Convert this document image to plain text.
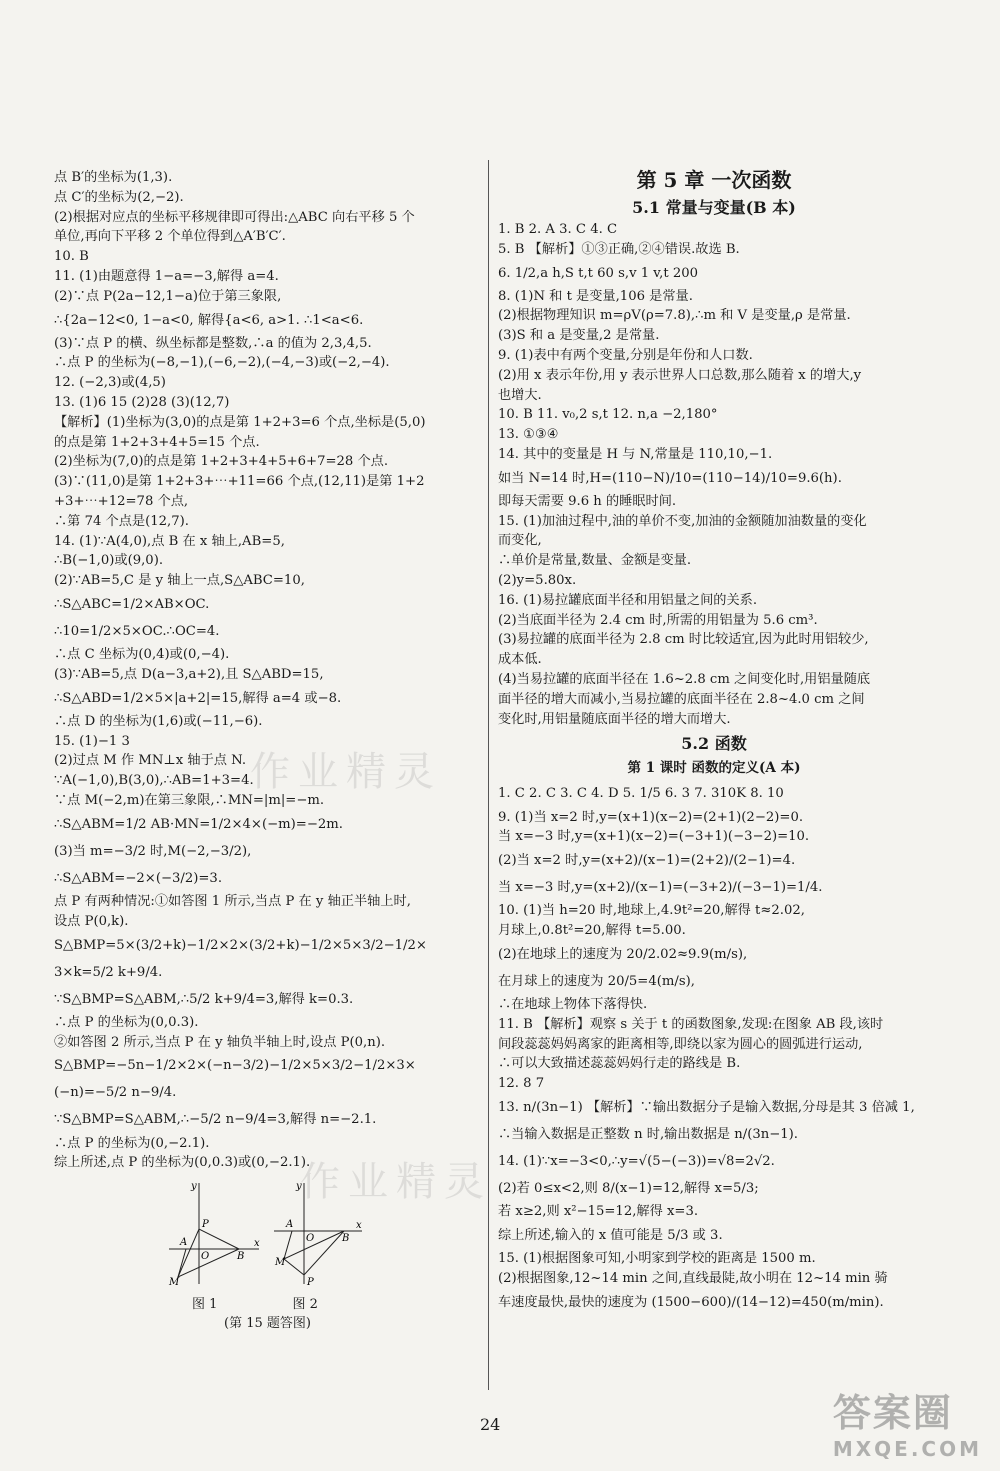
点 B′的坐标为(1,3).
点 C′的坐标为(2,−2).
(2)根据对应点的坐标平移规律即可得出:△ABC 向右平移 5 个
单位,再向下平移 2 个单位得到△A′B′C′.
10. B
11. (1)由题意得 1−a=−3,解得 a=4.
(2)∵点 P(2a−12,1−a)位于第三象限,
∴{2a−12<0, 1−a<0, 解得{a<6, a>1. ∴1<a<6.
(3)∵点 P 的横、纵坐标都是整数,∴a 的值为 2,3,4,5.
∴点 P 的坐标为(−8,−1),(−6,−2),(−4,−3)或(−2,−4).
12. (−2,3)或(4,5)
13. (1)6 15 (2)28 (3)(12,7)
【解析】(1)坐标为(3,0)的点是第 1+2+3=6 个点,坐标是(5,0)
的点是第 1+2+3+4+5=15 个点.
(2)坐标为(7,0)的点是第 1+2+3+4+5+6+7=28 个点.
(3)∵(11,0)是第 1+2+3+⋯+11=66 个点,(12,11)是第 1+2
+3+⋯+12=78 个点,
∴第 74 个点是(12,7).
14. (1)∵A(4,0),点 B 在 x 轴上,AB=5,
∴B(−1,0)或(9,0).
(2)∵AB=5,C 是 y 轴上一点,S△ABC=10,
∴S△ABC=1/2×AB×OC.
∴10=1/2×5×OC.∴OC=4.
∴点 C 坐标为(0,4)或(0,−4).
(3)∵AB=5,点 D(a−3,a+2),且 S△ABD=15,
∴S△ABD=1/2×5×|a+2|=15,解得 a=4 或−8.
∴点 D 的坐标为(1,6)或(−11,−6).
15. (1)−1 3
(2)过点 M 作 MN⊥x 轴于点 N.
∵A(−1,0),B(3,0),∴AB=1+3=4.
∵点 M(−2,m)在第三象限,∴MN=|m|=−m.
∴S△ABM=1/2 AB·MN=1/2×4×(−m)=−2m.
(3)当 m=−3/2 时,M(−2,−3/2),
∴S△ABM=−2×(−3/2)=3.
点 P 有两种情况:①如答图 1 所示,当点 P 在 y 轴正半轴上时,
设点 P(0,k).
S△BMP=5×(3/2+k)−1/2×2×(3/2+k)−1/2×5×3/2−1/2×
3×k=5/2 k+9/4.
∵S△BMP=S△ABM,∴5/2 k+9/4=3,解得 k=0.3.
∴点 P 的坐标为(0,0.3).
②如答图 2 所示,当点 P 在 y 轴负半轴上时,设点 P(0,n).
S△BMP=−5n−1/2×2×(−n−3/2)−1/2×5×3/2−1/2×3×
(−n)=−5/2 n−9/4.
∵S△BMP=S△ABM,∴−5/2 n−9/4=3,解得 n=−2.1.
∴点 P 的坐标为(0,−2.1).
综上所述,点 P 的坐标为(0,0.3)或(0,−2.1).
x
y
O
A
B
M
P	x
y
O
A
B
M
P
图 1	图 2
(第 15 题答图)
第 5 章 一次函数
5.1 常量与变量(B 本)
1. B 2. A 3. C 4. C
5. B 【解析】①③正确,②④错误.故选 B.
6. 1/2,a h,S t,t 60 s,v 1 v,t 200
8. (1)N 和 t 是变量,106 是常量.
(2)根据物理知识 m=ρV(ρ=7.8),∴m 和 V 是变量,ρ 是常量.
(3)S 和 a 是变量,2 是常量.
9. (1)表中有两个变量,分别是年份和人口数.
(2)用 x 表示年份,用 y 表示世界人口总数,那么随着 x 的增大,y
也增大.
10. B 11. v₀,2 s,t 12. n,a −2,180°
13. ①③④
14. 其中的变量是 H 与 N,常量是 110,10,−1.
如当 N=14 时,H=(110−N)/10=(110−14)/10=9.6(h).
即每天需要 9.6 h 的睡眠时间.
15. (1)加油过程中,油的单价不变,加油的金额随加油数量的变化
而变化,
∴单价是常量,数量、金额是变量.
(2)y=5.80x.
16. (1)易拉罐底面半径和用铝量之间的关系.
(2)当底面半径为 2.4 cm 时,所需的用铝量为 5.6 cm³.
(3)易拉罐的底面半径为 2.8 cm 时比较适宜,因为此时用铝较少,
成本低.
(4)当易拉罐的底面半径在 1.6~2.8 cm 之间变化时,用铝量随底
面半径的增大而减小,当易拉罐的底面半径在 2.8~4.0 cm 之间
变化时,用铝量随底面半径的增大而增大.
5.2 函数
第 1 课时 函数的定义(A 本)
1. C 2. C 3. C 4. D 5. 1/5 6. 3 7. 310K 8. 10
9. (1)当 x=2 时,y=(x+1)(x−2)=(2+1)(2−2)=0.
当 x=−3 时,y=(x+1)(x−2)=(−3+1)(−3−2)=10.
(2)当 x=2 时,y=(x+2)/(x−1)=(2+2)/(2−1)=4.
当 x=−3 时,y=(x+2)/(x−1)=(−3+2)/(−3−1)=1/4.
10. (1)当 h=20 时,地球上,4.9t²=20,解得 t≈2.02,
月球上,0.8t²=20,解得 t=5.00.
(2)在地球上的速度为 20/2.02≈9.9(m/s),
在月球上的速度为 20/5=4(m/s),
∴在地球上物体下落得快.
11. B 【解析】观察 s 关于 t 的函数图象,发现:在图象 AB 段,该时
间段蕊蕊妈妈离家的距离相等,即绕以家为圆心的圆弧进行运动,
∴可以大致描述蕊蕊妈妈行走的路线是 B.
12. 8 7
13. n/(3n−1) 【解析】∵输出数据分子是输入数据,分母是其 3 倍减 1,
∴当输入数据是正整数 n 时,输出数据是 n/(3n−1).
14. (1)∵x=−3<0,∴y=√(5−(−3))=√8=2√2.
(2)若 0≤x<2,则 8/(x−1)=12,解得 x=5/3;
若 x≥2,则 x²−15=12,解得 x=3.
综上所述,输入的 x 值可能是 5/3 或 3.
15. (1)根据图象可知,小明家到学校的距离是 1500 m.
(2)根据图象,12~14 min 之间,直线最陡,故小明在 12~14 min 骑
车速度最快,最快的速度为 (1500−600)/(14−12)=450(m/min).
24
作业精灵
作业精灵
答案圈
MXQE.COM
